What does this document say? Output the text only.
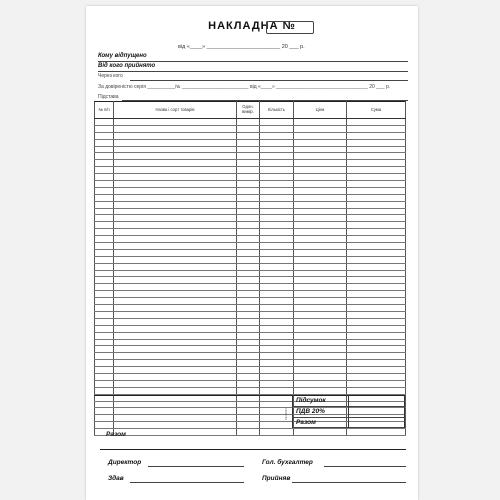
НАКЛАДНА №
від «____» ________________________ 20 ___ р.
Кому відпущено
Від кого прийнято
Через кого
За довіреністю серія __________№ ________________________ від «____» _________________________________ 20 ___ р.
Підстава
№ п/п	Назва і сорт товарів	Одон. вимір.	Кількість	Ціна	Сума

Підсумок
ПДВ 20%
Разом
РЕ-00034
Разом
Директор	Гол. бухгалтер
Здав	Прийняв
